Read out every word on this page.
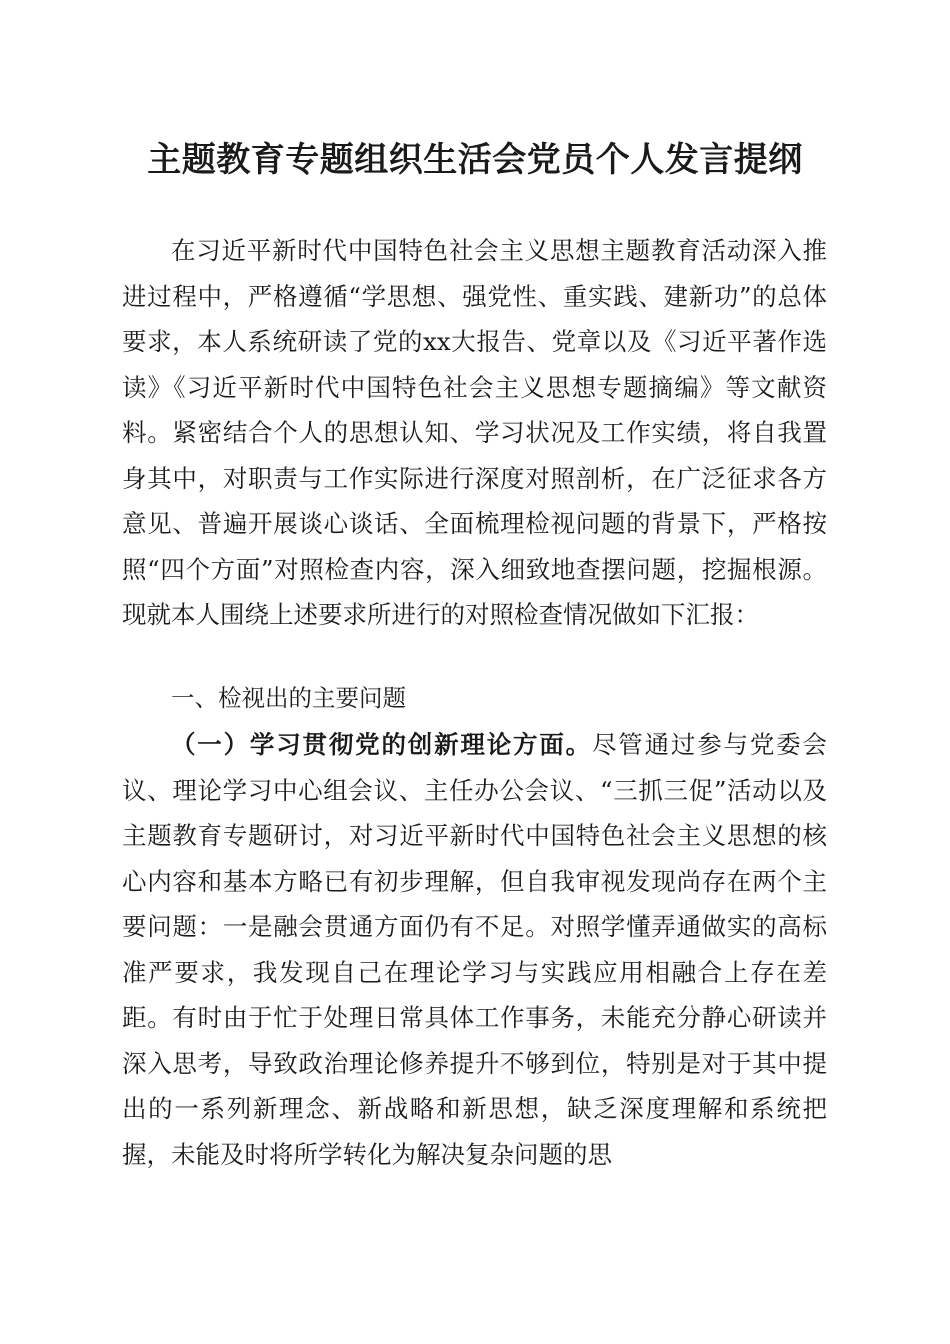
主题教育专题组织生活会党员个人发言提纲

在习近平新时代中国特色社会主义思想主题教育活动深入推进过程中，严格遵循“学思想、强党性、重实践、建新功”的总体要求，本人系统研读了党的xx大报告、党章以及《习近平著作选读》《习近平新时代中国特色社会主义思想专题摘编》等文献资料。紧密结合个人的思想认知、学习状况及工作实绩，将自我置身其中，对职责与工作实际进行深度对照剖析，在广泛征求各方意见、普遍开展谈心谈话、全面梳理检视问题的背景下，严格按照“四个方面”对照检查内容，深入细致地查摆问题，挖掘根源。现就本人围绕上述要求所进行的对照检查情况做如下汇报：

一、检视出的主要问题

（一）学习贯彻党的创新理论方面。尽管通过参与党委会议、理论学习中心组会议、主任办公会议、“三抓三促”活动以及主题教育专题研讨，对习近平新时代中国特色社会主义思想的核心内容和基本方略已有初步理解，但自我审视发现尚存在两个主要问题：一是融会贯通方面仍有不足。对照学懂弄通做实的高标准严要求，我发现自己在理论学习与实践应用相融合上存在差距。有时由于忙于处理日常具体工作事务，未能充分静心研读并深入思考，导致政治理论修养提升不够到位，特别是对于其中提出的一系列新理念、新战略和新思想，缺乏深度理解和系统把握，未能及时将所学转化为解决复杂问题的思
